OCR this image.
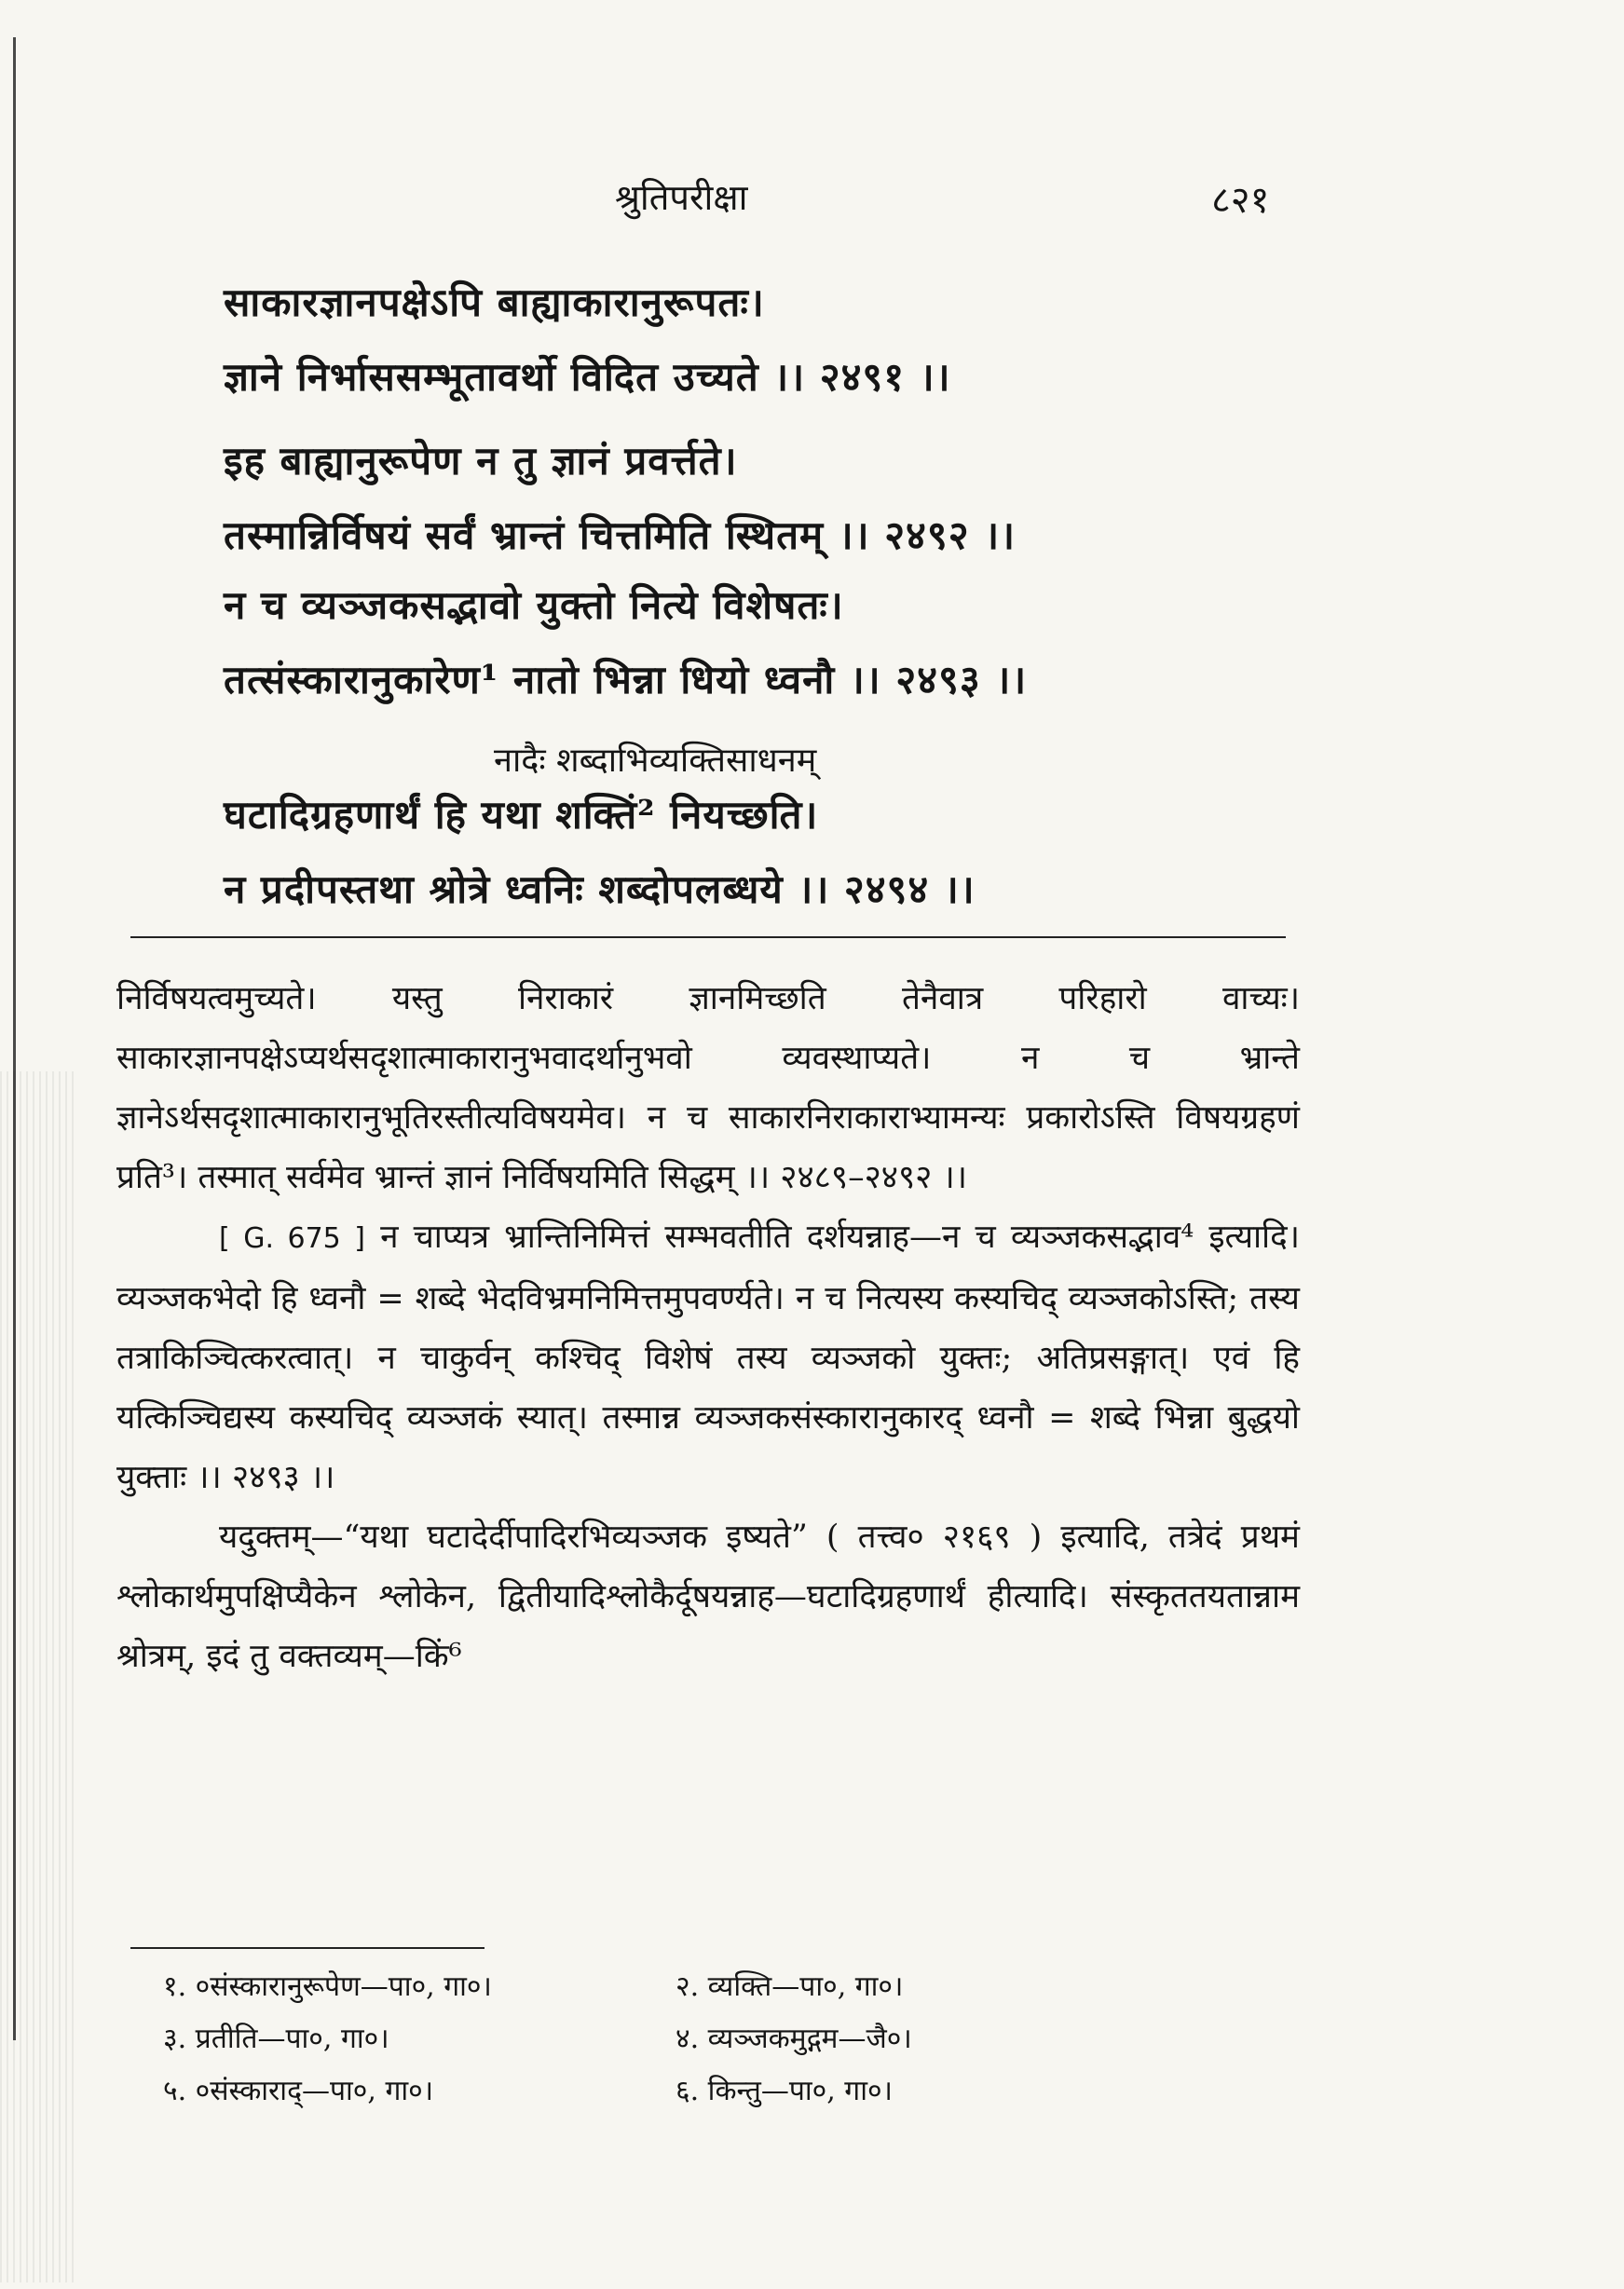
श्रुतिपरीक्षा	८२१
साकारज्ञानपक्षेऽपि बाह्याकारानुरूपतः।
ज्ञाने निर्भाससम्भूतावर्थो विदित उच्यते ।। २४९१ ।।
इह बाह्यानुरूपेण न तु ज्ञानं प्रवर्त्तते।
तस्मान्निर्विषयं सर्वं भ्रान्तं चित्तमिति स्थितम् ।। २४९२ ।।
न च व्यञ्जकसद्भावो युक्तो नित्ये विशेषतः।
तत्संस्कारानुकारेण¹ नातो भिन्ना धियो ध्वनौ ।। २४९३ ।।
नादैः शब्दाभिव्यक्तिसाधनम्
घटादिग्रहणार्थं हि यथा शक्तिं² नियच्छति।
न प्रदीपस्तथा श्रोत्रे ध्वनिः शब्दोपलब्धये ।। २४९४ ।।

निर्विषयत्वमुच्यते। यस्तु निराकारं ज्ञानमिच्छति तेनैवात्र परिहारो वाच्यः। साकारज्ञानपक्षेऽप्यर्थसदृशात्माकारानुभवादर्थानुभवो व्यवस्थाप्यते। न च भ्रान्ते ज्ञानेऽर्थसदृशात्माकारानुभूतिरस्तीत्यविषयमेव। न च साकारनिराकाराभ्यामन्यः प्रकारोऽस्ति विषयग्रहणं प्रति³। तस्मात् सर्वमेव भ्रान्तं ज्ञानं निर्विषयमिति सिद्धम् ।। २४८९–२४९२ ।।

[ G. 675 ] न चाप्यत्र भ्रान्तिनिमित्तं सम्भवतीति दर्शयन्नाह—न च व्यञ्जकसद्भाव⁴ इत्यादि। व्यञ्जकभेदो हि ध्वनौ = शब्दे भेदविभ्रमनिमित्तमुपवर्ण्यते। न च नित्यस्य कस्यचिद् व्यञ्जकोऽस्ति; तस्य तत्राकिञ्चित्करत्वात्। न चाकुर्वन् कश्चिद् विशेषं तस्य व्यञ्जको युक्तः; अतिप्रसङ्गात्। एवं हि यत्किञ्चिद्यस्य कस्यचिद् व्यञ्जकं स्यात्। तस्मान्न व्यञ्जकसंस्कारानुकारद् ध्वनौ = शब्दे भिन्ना बुद्धयो युक्ताः ।। २४९३ ।।

यदुक्तम्—“यथा घटादेर्दीपादिरभिव्यञ्जक इष्यते” ( तत्त्व० २१६९ ) इत्यादि, तत्रेदं प्रथमं श्लोकार्थमुपक्षिप्यैकेन श्लोकेन, द्वितीयादिश्लोकैर्दूषयन्नाह—घटादिग्रहणार्थं हीत्यादि। संस्कृततयतान्नाम श्रोत्रम्, इदं तु वक्तव्यम्—किं⁶

१. ०संस्कारानुरूपेण—पा०, गा०।	२. व्यक्ति—पा०, गा०।
३. प्रतीति—पा०, गा०।	४. व्यञ्जकमुद्गम—जै०।
५. ०संस्काराद्—पा०, गा०।	६. किन्तु—पा०, गा०।
